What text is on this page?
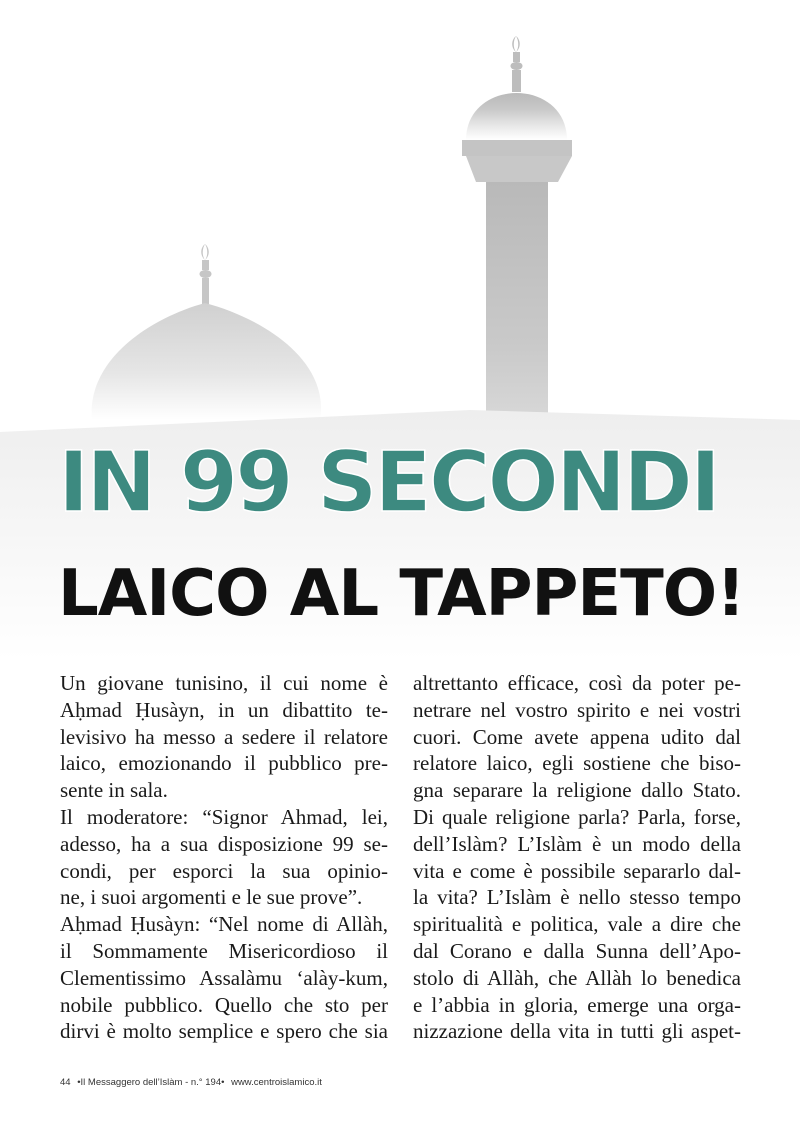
IN 99 SECONDI
LAICO AL TAPPETO!

Un giovane tunisino, il cui nome è
Aḥmad Ḥusàyn, in un dibattito te-
levisivo ha messo a sedere il relatore
laico, emozionando il pubblico pre-
sente in sala.

Il moderatore: “Signor Ahmad, lei,
adesso, ha a sua disposizione 99 se-
condi, per esporci la sua opinio-
ne, i suoi argomenti e le sue prove”.

Aḥmad Ḥusàyn: “Nel nome di Allàh,
il Sommamente Misericordioso il
Clementissimo Assalàmu ‘alày-kum,
nobile pubblico. Quello che sto per
dirvi è molto semplice e spero che sia

altrettanto efficace, così da poter pe-
netrare nel vostro spirito e nei vostri
cuori. Come avete appena udito dal
relatore laico, egli sostiene che biso-
gna separare la religione dallo Stato.
Di quale religione parla? Parla, forse,
dell’Islàm? L’Islàm è un modo della
vita e come è possibile separarlo dal-
la vita? L’Islàm è nello stesso tempo
spiritualità e politica, vale a dire che
dal Corano e dalla Sunna dell’Apo-
stolo di Allàh, che Allàh lo benedica
e l’abbia in gloria, emerge una orga-
nizzazione della vita in tutti gli aspet-

44 •Il Messaggero dell’Islàm - n.° 194• www.centroislamico.it
